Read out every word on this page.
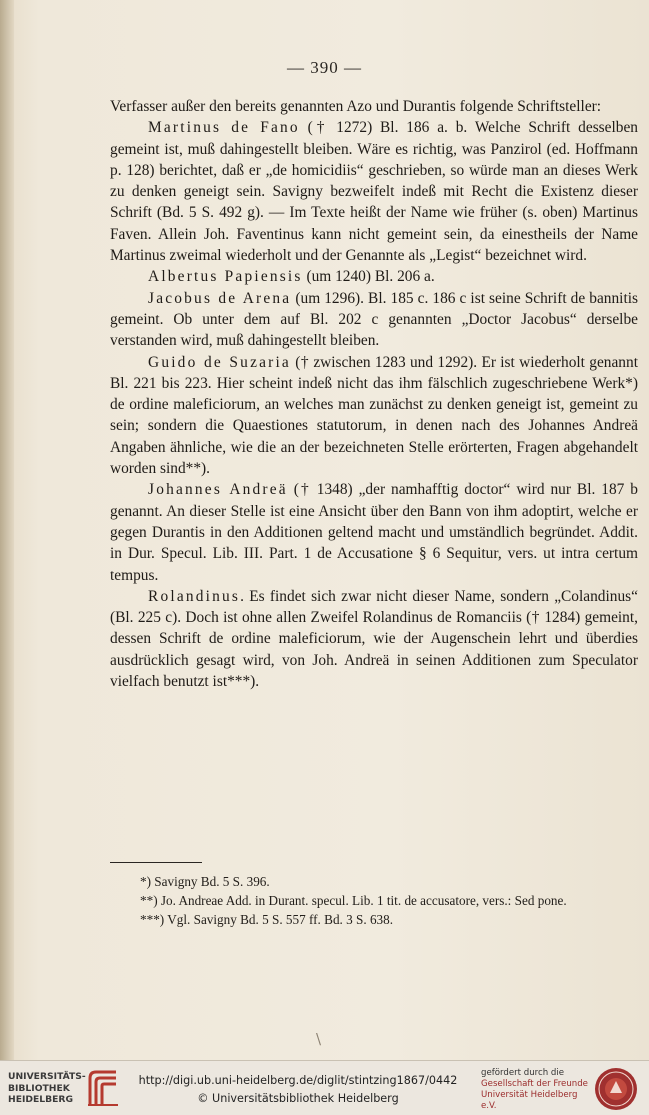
— 390 —

Verfasser außer den bereits genannten Azo und Durantis folgende Schriftsteller:

Martinus de Fano († 1272) Bl. 186 a. b. Welche Schrift desselben gemeint ist, muß dahingestellt bleiben. Wäre es richtig, was Panzirol (ed. Hoffmann p. 128) berichtet, daß er „de homicidiis“ geschrieben, so würde man an dieses Werk zu denken geneigt sein. Savigny bezweifelt indeß mit Recht die Existenz dieser Schrift (Bd. 5 S. 492 g). — Im Texte heißt der Name wie früher (s. oben) Martinus Faven. Allein Joh. Faventinus kann nicht gemeint sein, da einestheils der Name Martinus zweimal wiederholt und der Genannte als „Legist“ bezeichnet wird.

Albertus Papiensis (um 1240) Bl. 206 a.

Jacobus de Arena (um 1296). Bl. 185 c. 186 c ist seine Schrift de bannitis gemeint. Ob unter dem auf Bl. 202 c genannten „Doctor Jacobus“ derselbe verstanden wird, muß dahingestellt bleiben.

Guido de Suzaria († zwischen 1283 und 1292). Er ist wiederholt genannt Bl. 221 bis 223. Hier scheint indeß nicht das ihm fälschlich zugeschriebene Werk*) de ordine maleficiorum, an welches man zunächst zu denken geneigt ist, gemeint zu sein; sondern die Quaestiones statutorum, in denen nach des Johannes Andreä Angaben ähnliche, wie die an der bezeichneten Stelle erörterten, Fragen abgehandelt worden sind**).

Johannes Andreä († 1348) „der namhafftig doctor“ wird nur Bl. 187 b genannt. An dieser Stelle ist eine Ansicht über den Bann von ihm adoptirt, welche er gegen Durantis in den Additionen geltend macht und umständlich begründet. Addit. in Dur. Specul. Lib. III. Part. 1 de Accusatione § 6 Sequitur, vers. ut intra certum tempus.

Rolandinus. Es findet sich zwar nicht dieser Name, sondern „Colandinus“ (Bl. 225 c). Doch ist ohne allen Zweifel Rolandinus de Romanciis († 1284) gemeint, dessen Schrift de ordine maleficiorum, wie der Augenschein lehrt und überdies ausdrücklich gesagt wird, von Joh. Andreä in seinen Additionen zum Speculator vielfach benutzt ist***).

*) Savigny Bd. 5 S. 396.

**) Jo. Andreae Add. in Durant. specul. Lib. 1 tit. de accusatore, vers.: Sed pone.

***) Vgl. Savigny Bd. 5 S. 557 ff. Bd. 3 S. 638.

\
UNIVERSITÄTS-
BIBLIOTHEK
HEIDELBERG
http://digi.ub.uni-heidelberg.de/diglit/stintzing1867/0442
© Universitätsbibliothek Heidelberg
gefördert durch die
Gesellschaft der Freunde
Universität Heidelberg e.V.
